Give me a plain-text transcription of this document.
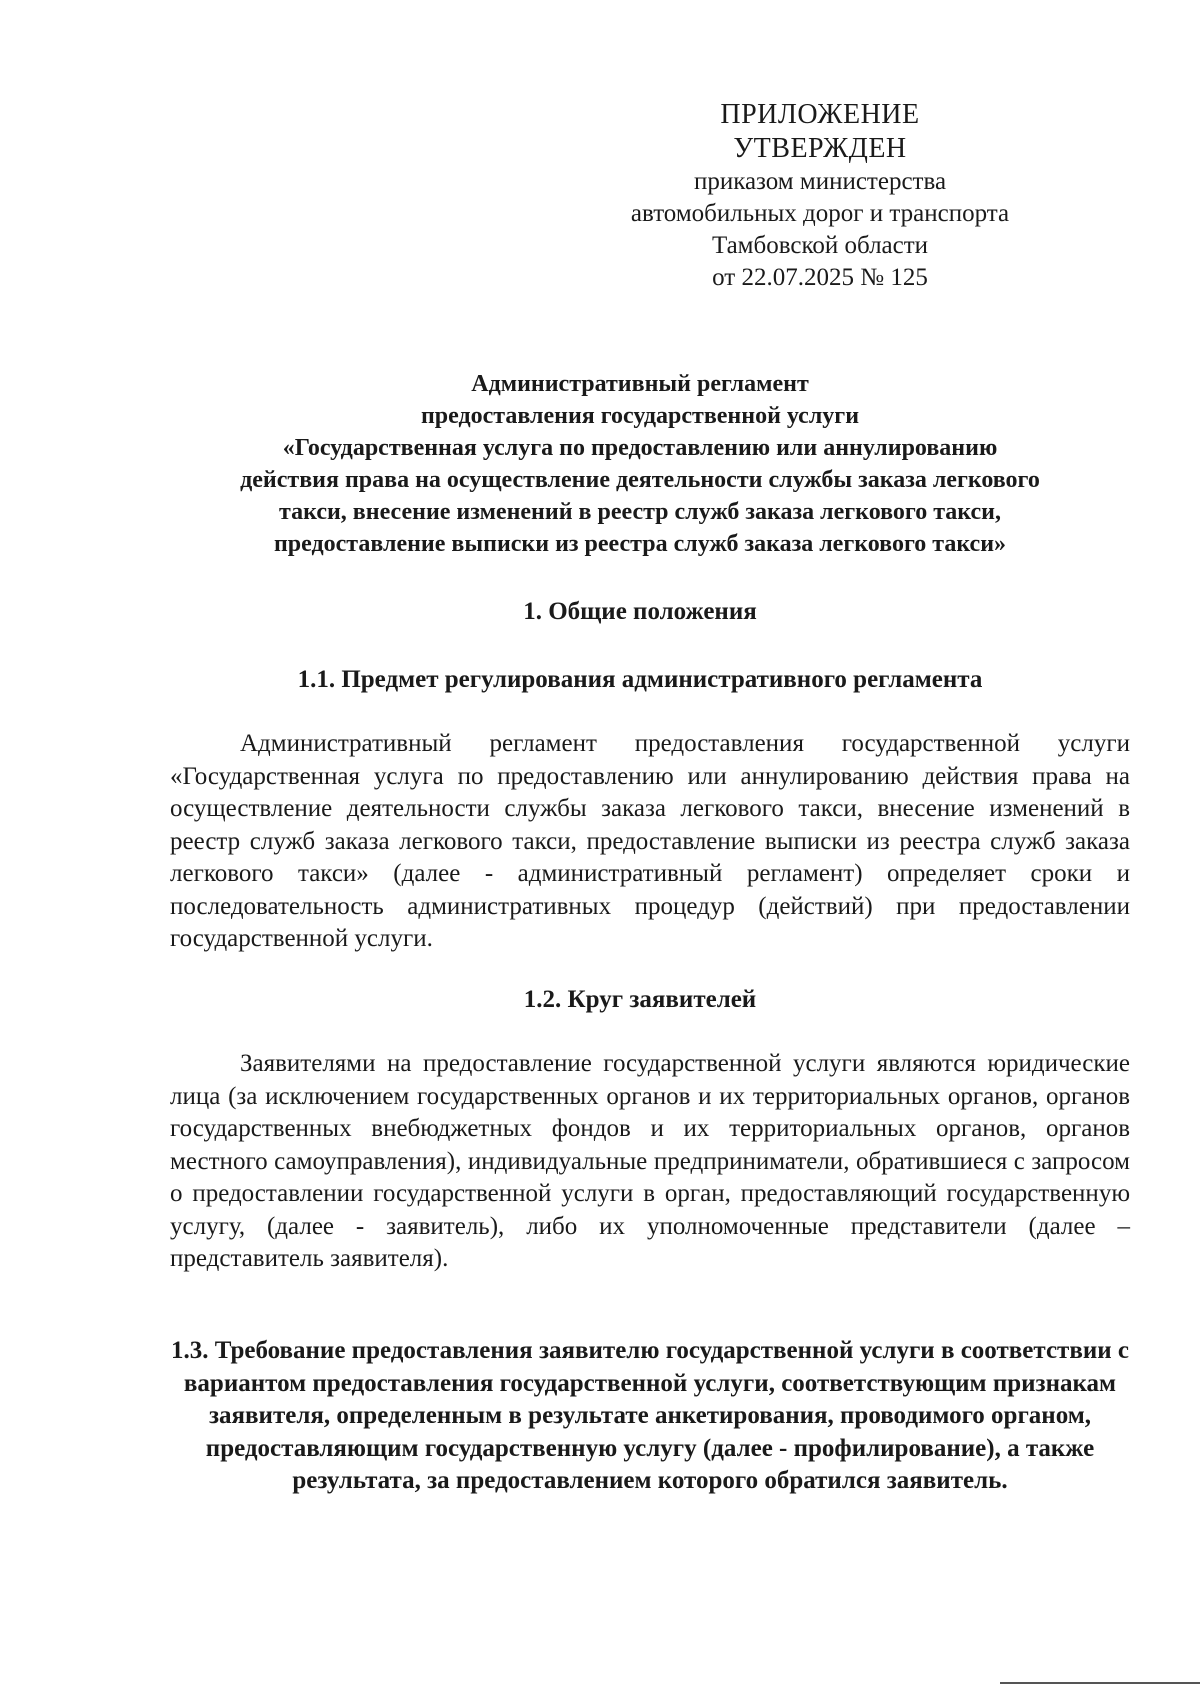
ПРИЛОЖЕНИЕ
УТВЕРЖДЕН
приказом министерства
автомобильных дорог и транспорта
Тамбовской области
от 22.07.2025 № 125
Административный регламент
предоставления государственной услуги
«Государственная услуга по предоставлению или аннулированию
действия права на осуществление деятельности службы заказа легкового
такси, внесение изменений в реестр служб заказа легкового такси,
предоставление выписки из реестра служб заказа легкового такси»
1. Общие положения
1.1. Предмет регулирования административного регламента
Административный регламент предоставления государственной услуги «Государственная услуга по предоставлению или аннулированию действия права на осуществление деятельности службы заказа легкового такси, внесение изменений в реестр служб заказа легкового такси, предоставление выписки из реестра служб заказа легкового такси» (далее - административный регламент) определяет сроки и последовательность административных процедур (действий) при предоставлении государственной услуги.
1.2. Круг заявителей
Заявителями на предоставление государственной услуги являются юридические лица (за исключением государственных органов и их территориальных органов, органов государственных внебюджетных фондов и их территориальных органов, органов местного самоуправления), индивидуальные предприниматели, обратившиеся с запросом о предоставлении государственной услуги в орган, предоставляющий государственную услугу, (далее - заявитель), либо их уполномоченные представители (далее – представитель заявителя).
1.3. Требование предоставления заявителю государственной услуги в соответствии с вариантом предоставления государственной услуги, соответствующим признакам заявителя, определенным в результате анкетирования, проводимого органом, предоставляющим государственную услугу (далее - профилирование), а также результата, за предоставлением которого обратился заявитель.
